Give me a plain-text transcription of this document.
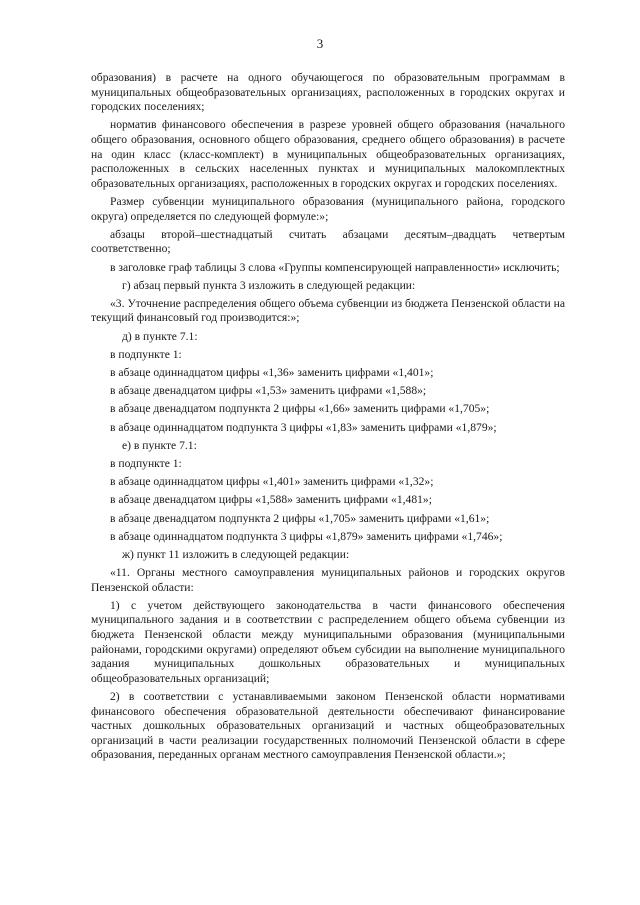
3

образования) в расчете на одного обучающегося по образовательным программам в муниципальных общеобразовательных организациях, расположенных в городских округах и городских поселениях;

норматив финансового обеспечения в разрезе уровней общего образования (начального общего образования, основного общего образования, среднего общего образования) в расчете на один класс (класс-комплект) в муниципальных общеобразовательных организациях, расположенных в сельских населенных пунктах и муниципальных малокомплектных образовательных организациях, расположенных в городских округах и городских поселениях.

Размер субвенции муниципального образования (муниципального района, городского округа) определяется по следующей формуле:»;

абзацы второй–шестнадцатый считать абзацами десятым–двадцать четвертым соответственно;

в заголовке граф таблицы 3 слова «Группы компенсирующей направленности» исключить;

г) абзац первый пункта 3 изложить в следующей редакции:

«3. Уточнение распределения общего объема субвенции из бюджета Пензенской области на текущий финансовый год производится:»;

д) в пункте 7.1:

в подпункте 1:

в абзаце одиннадцатом цифры «1,36» заменить цифрами «1,401»;

в абзаце двенадцатом цифры «1,53» заменить цифрами «1,588»;

в абзаце двенадцатом подпункта 2 цифры «1,66» заменить цифрами «1,705»;

в абзаце одиннадцатом подпункта 3 цифры «1,83» заменить цифрами «1,879»;

е) в пункте 7.1:

в подпункте 1:

в абзаце одиннадцатом цифры «1,401» заменить цифрами «1,32»;

в абзаце двенадцатом цифры «1,588» заменить цифрами «1,481»;

в абзаце двенадцатом подпункта 2 цифры «1,705» заменить цифрами «1,61»;

в абзаце одиннадцатом подпункта 3 цифры «1,879» заменить цифрами «1,746»;

ж) пункт 11 изложить в следующей редакции:

«11. Органы местного самоуправления муниципальных районов и городских округов Пензенской области:

1) с учетом действующего законодательства в части финансового обеспечения муниципального задания и в соответствии с распределением общего объема субвенции из бюджета Пензенской области между муниципальными образования (муниципальными районами, городскими округами) определяют объем субсидии на выполнение муниципального задания муниципальных дошкольных образовательных и муниципальных общеобразовательных организаций;

2) в соответствии с устанавливаемыми законом Пензенской области нормативами финансового обеспечения образовательной деятельности обеспечивают финансирование частных дошкольных образовательных организаций и частных общеобразовательных организаций в части реализации государственных полномочий Пензенской области в сфере образования, переданных органам местного самоуправления Пензенской области.»;
